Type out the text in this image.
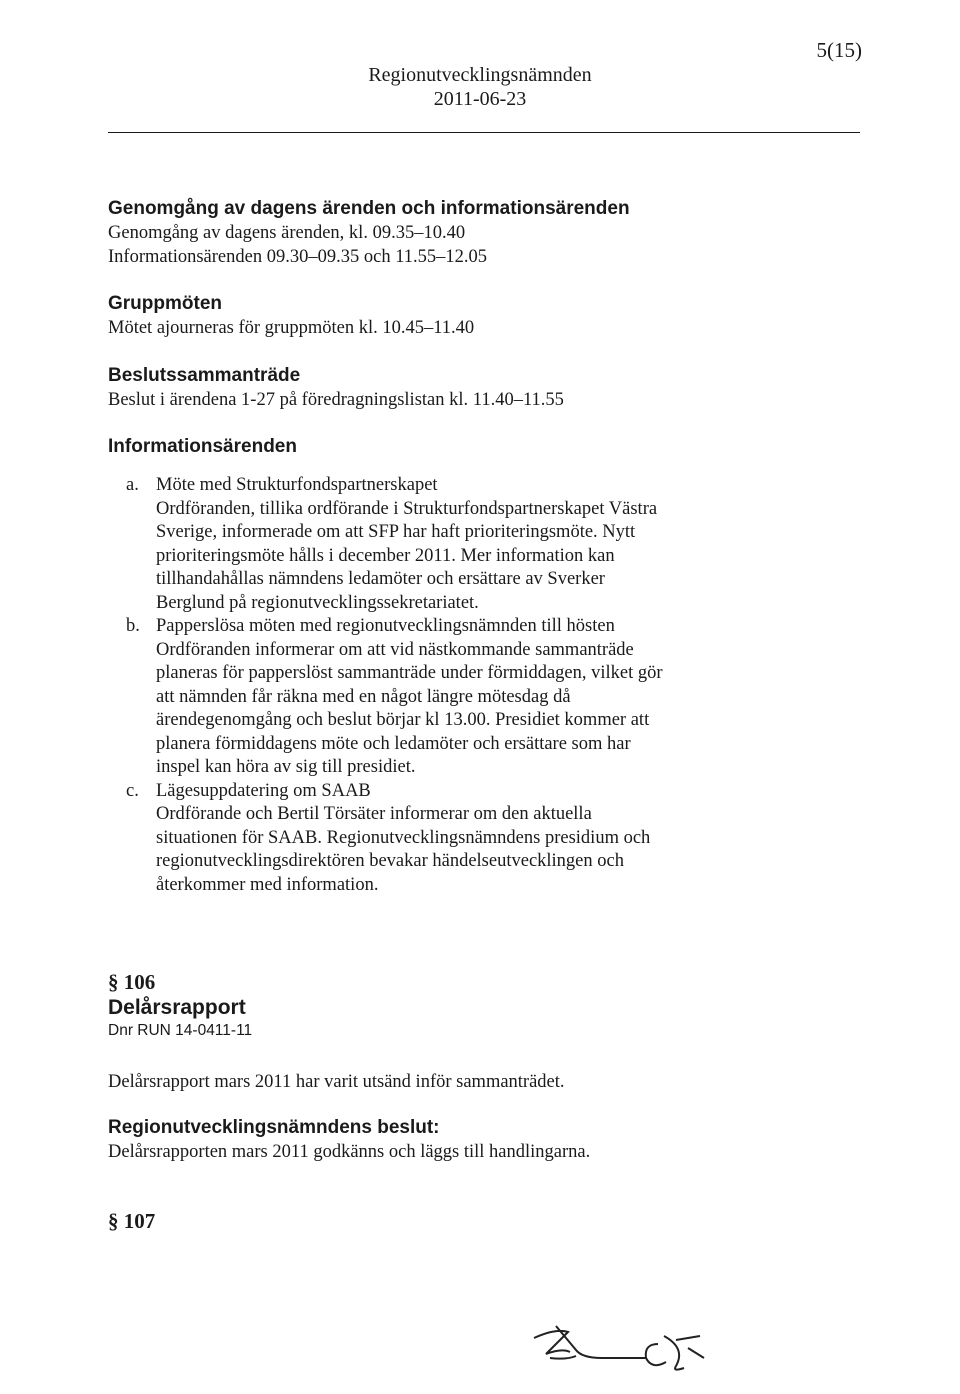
5(15)
Regionutvecklingsnämnden
2011-06-23
Genomgång av dagens ärenden och informationsärenden

Genomgång av dagens ärenden, kl. 09.35–10.40

Informationsärenden 09.30–09.35 och 11.55–12.05

Gruppmöten

Mötet ajourneras för gruppmöten kl. 10.45–11.40

Beslutssammanträde

Beslut i ärendena 1-27 på föredragningslistan kl. 11.40–11.55

Informationsärenden
a. Möte med Strukturfondspartnerskapet

Ordföranden, tillika ordförande i Strukturfondspartnerskapet Västra

Sverige, informerade om att SFP har haft prioriteringsmöte. Nytt

prioriteringsmöte hålls i december 2011. Mer information kan

tillhandahållas nämndens ledamöter och ersättare av Sverker

Berglund på regionutvecklingssekretariatet.

b. Papperslösa möten med regionutvecklingsnämnden till hösten

Ordföranden informerar om att vid nästkommande sammanträde

planeras för papperslöst sammanträde under förmiddagen, vilket gör

att nämnden får räkna med en något längre mötesdag då

ärendegenomgång och beslut börjar kl 13.00. Presidiet kommer att

planera förmiddagens möte och ledamöter och ersättare som har

inspel kan höra av sig till presidiet.

c. Lägesuppdatering om SAAB

Ordförande och Bertil Törsäter informerar om den aktuella

situationen för SAAB. Regionutvecklingsnämndens presidium och

regionutvecklingsdirektören bevakar händelseutvecklingen och

återkommer med information.

§ 106

Delårsrapport

Dnr RUN 14-0411-11

Delårsrapport mars 2011 har varit utsänd inför sammanträdet.

Regionutvecklingsnämndens beslut:

Delårsrapporten mars 2011 godkänns och läggs till handlingarna.

§ 107
